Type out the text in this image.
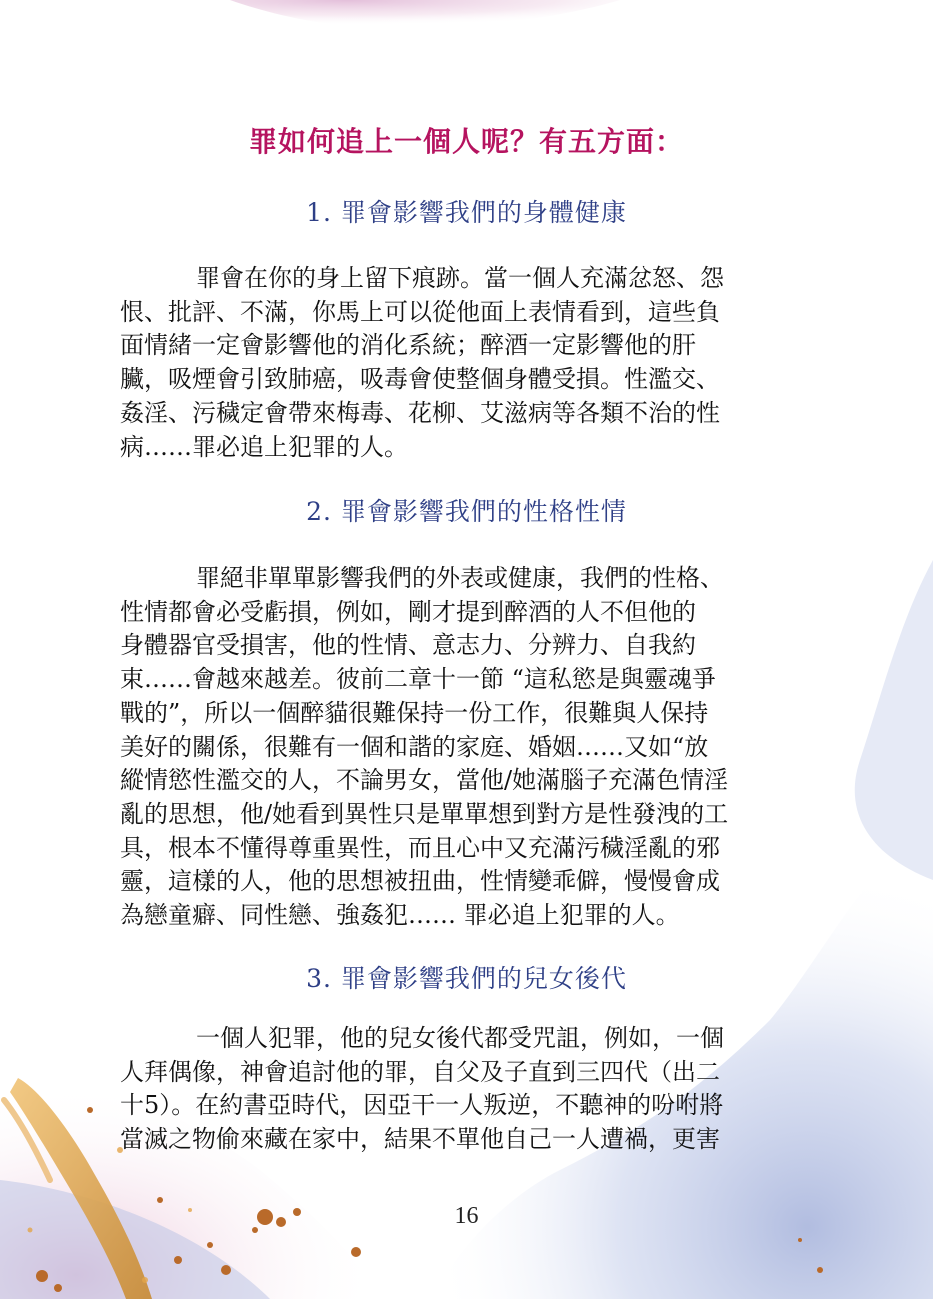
罪如何追上一個人呢？有五方面：
1. 罪會影響我們的身體健康
罪會在你的身上留下痕跡。當一個人充滿忿怒、怨
恨、批評、不滿，你馬上可以從他面上表情看到，這些負
面情緒一定會影響他的消化系統；醉酒一定影響他的肝
臟，吸煙會引致肺癌，吸毒會使整個身體受損。性濫交、
姦淫、污穢定會帶來梅毒、花柳、艾滋病等各類不治的性
病……罪必追上犯罪的人。
2. 罪會影響我們的性格性情
罪絕非單單影響我們的外表或健康，我們的性格、
性情都會必受虧損，例如，剛才提到醉酒的人不但他的
身體器官受損害，他的性情、意志力、分辨力、自我約
束……會越來越差。彼前二章十一節 “這私慾是與靈魂爭
戰的”，所以一個醉貓很難保持一份工作，很難與人保持
美好的關係，很難有一個和諧的家庭、婚姻……又如“放
縱情慾性濫交的人，不論男女，當他/她滿腦子充滿色情淫
亂的思想，他/她看到異性只是單單想到對方是性發洩的工
具，根本不懂得尊重異性，而且心中又充滿污穢淫亂的邪
靈，這樣的人，他的思想被扭曲，性情變乖僻，慢慢會成
為戀童癖、同性戀、強姦犯…… 罪必追上犯罪的人。
3. 罪會影響我們的兒女後代
一個人犯罪，他的兒女後代都受咒詛，例如，一個
人拜偶像，神會追討他的罪，自父及子直到三四代（出二
十5）。在約書亞時代，因亞干一人叛逆，不聽神的吩咐將
當滅之物偷來藏在家中，結果不單他自己一人遭禍，更害
16
